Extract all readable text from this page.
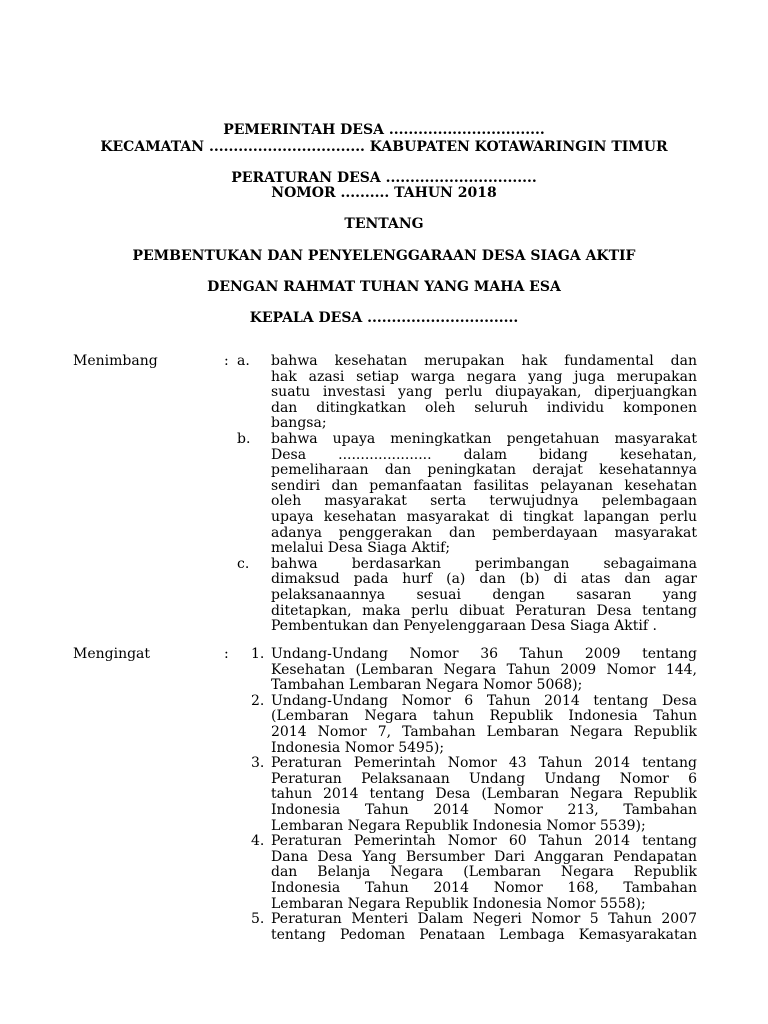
PEMERINTAH DESA ................................
KECAMATAN ................................ KABUPATEN KOTAWARINGIN TIMUR
PERATURAN DESA ...............................
NOMOR .......... TAHUN 2018
TENTANG
PEMBENTUKAN DAN PENYELENGGARAAN DESA SIAGA AKTIF
DENGAN RAHMAT TUHAN YANG MAHA ESA
KEPALA DESA ...............................
Menimbang	: a. bahwa kesehatan merupakan hak fundamental dan
hak azasi setiap warga negara yang juga merupakan
suatu investasi yang perlu diupayakan, diperjuangkan
dan ditingkatkan oleh seluruh individu komponen
bangsa;
b. bahwa upaya meningkatkan pengetahuan masyarakat
Desa ..................... dalam bidang kesehatan,
pemeliharaan dan peningkatan derajat kesehatannya
sendiri dan pemanfaatan fasilitas pelayanan kesehatan
oleh masyarakat serta terwujudnya pelembagaan
upaya kesehatan masyarakat di tingkat lapangan perlu
adanya penggerakan dan pemberdayaan masyarakat
melalui Desa Siaga Aktif;
c. bahwa berdasarkan perimbangan sebagaimana
dimaksud pada hurf (a) dan (b) di atas dan agar
pelaksanaannya sesuai dengan sasaran yang
ditetapkan, maka perlu dibuat Peraturan Desa tentang
Pembentukan dan Penyelenggaraan Desa Siaga Aktif .
Mengingat	: 1. Undang-Undang Nomor 36 Tahun 2009 tentang
Kesehatan (Lembaran Negara Tahun 2009 Nomor 144,
Tambahan Lembaran Negara Nomor 5068);
2. Undang-Undang Nomor 6 Tahun 2014 tentang Desa
(Lembaran Negara tahun Republik Indonesia Tahun
2014 Nomor 7, Tambahan Lembaran Negara Republik
Indonesia Nomor 5495);
3. Peraturan Pemerintah Nomor 43 Tahun 2014 tentang
Peraturan Pelaksanaan Undang Undang Nomor 6
tahun 2014 tentang Desa (Lembaran Negara Republik
Indonesia Tahun 2014 Nomor 213, Tambahan
Lembaran Negara Republik Indonesia Nomor 5539);
4. Peraturan Pemerintah Nomor 60 Tahun 2014 tentang
Dana Desa Yang Bersumber Dari Anggaran Pendapatan
dan Belanja Negara (Lembaran Negara Republik
Indonesia Tahun 2014 Nomor 168, Tambahan
Lembaran Negara Republik Indonesia Nomor 5558);
5. Peraturan Menteri Dalam Negeri Nomor 5 Tahun 2007
tentang Pedoman Penataan Lembaga Kemasyarakatan
